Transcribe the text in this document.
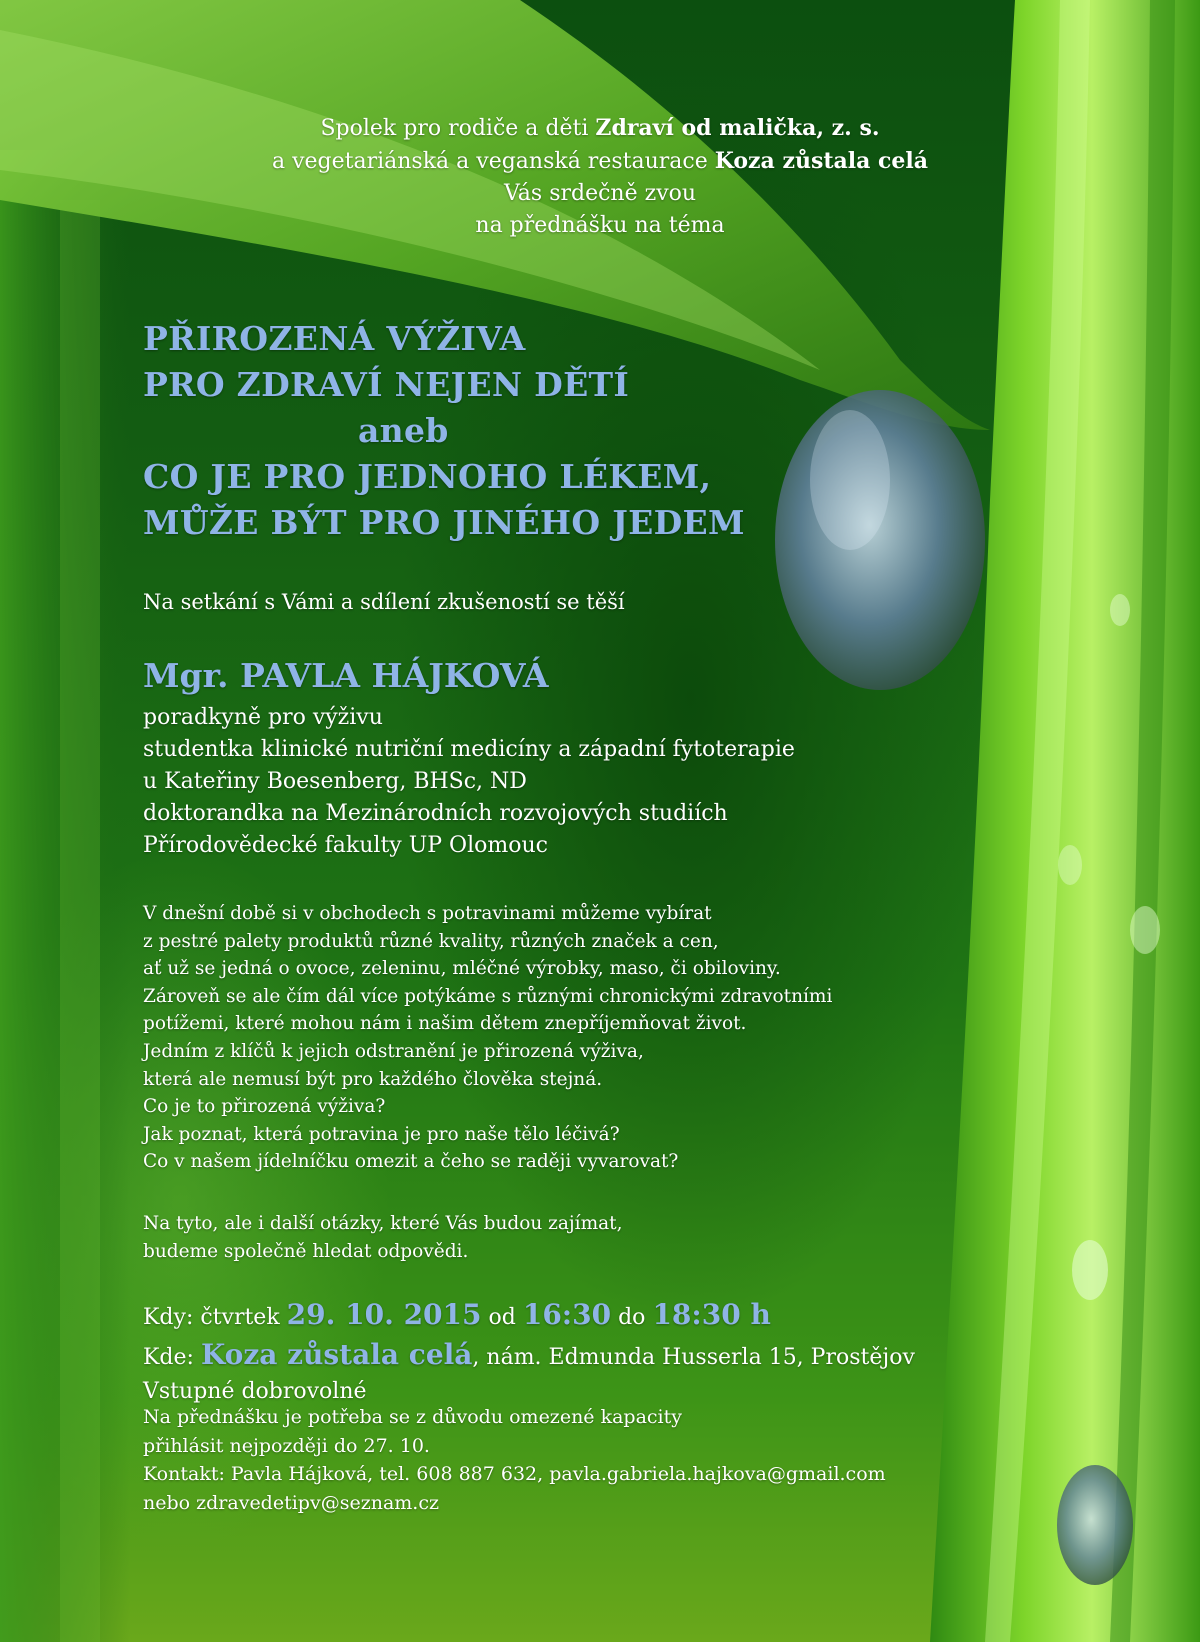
Spolek pro rodiče a děti Zdraví od malička, z. s.
a vegetariánská a veganská restaurace Koza zůstala celá
Vás srdečně zvou
na přednášku na téma
PŘIROZENÁ VÝŽIVA
PRO ZDRAVÍ NEJEN DĚTÍ
aneb
CO JE PRO JEDNOHO LÉKEM,
MŮŽE BÝT PRO JINÉHO JEDEM
Na setkání s Vámi a sdílení zkušeností se těší
Mgr. PAVLA HÁJKOVÁ
poradkyně pro výživu
studentka klinické nutriční medicíny a západní fytoterapie
u Kateřiny Boesenberg, BHSc, ND
doktorandka na Mezinárodních rozvojových studiích
Přírodovědecké fakulty UP Olomouc
V dnešní době si v obchodech s potravinami můžeme vybírat
z pestré palety produktů různé kvality, různých značek a cen,
ať už se jedná o ovoce, zeleninu, mléčné výrobky, maso, či obiloviny.
Zároveň se ale čím dál více potýkáme s různými chronickými zdravotními
potížemi, které mohou nám i našim dětem znepříjemňovat život.
Jedním z klíčů k jejich odstranění je přirozená výživa,
která ale nemusí být pro každého člověka stejná.
Co je to přirozená výživa?
Jak poznat, která potravina je pro naše tělo léčivá?
Co v našem jídelníčku omezit a čeho se raději vyvarovat?
Na tyto, ale i další otázky, které Vás budou zajímat,
budeme společně hledat odpovědi.
Kdy: čtvrtek 29. 10. 2015 od 16:30 do 18:30 h
Kde: Koza zůstala celá, nám. Edmunda Husserla 15, Prostějov
Vstupné dobrovolné
Na přednášku je potřeba se z důvodu omezené kapacity
přihlásit nejpozději do 27. 10.
Kontakt: Pavla Hájková, tel. 608 887 632, pavla.gabriela.hajkova@gmail.com
nebo zdravedetipv@seznam.cz
